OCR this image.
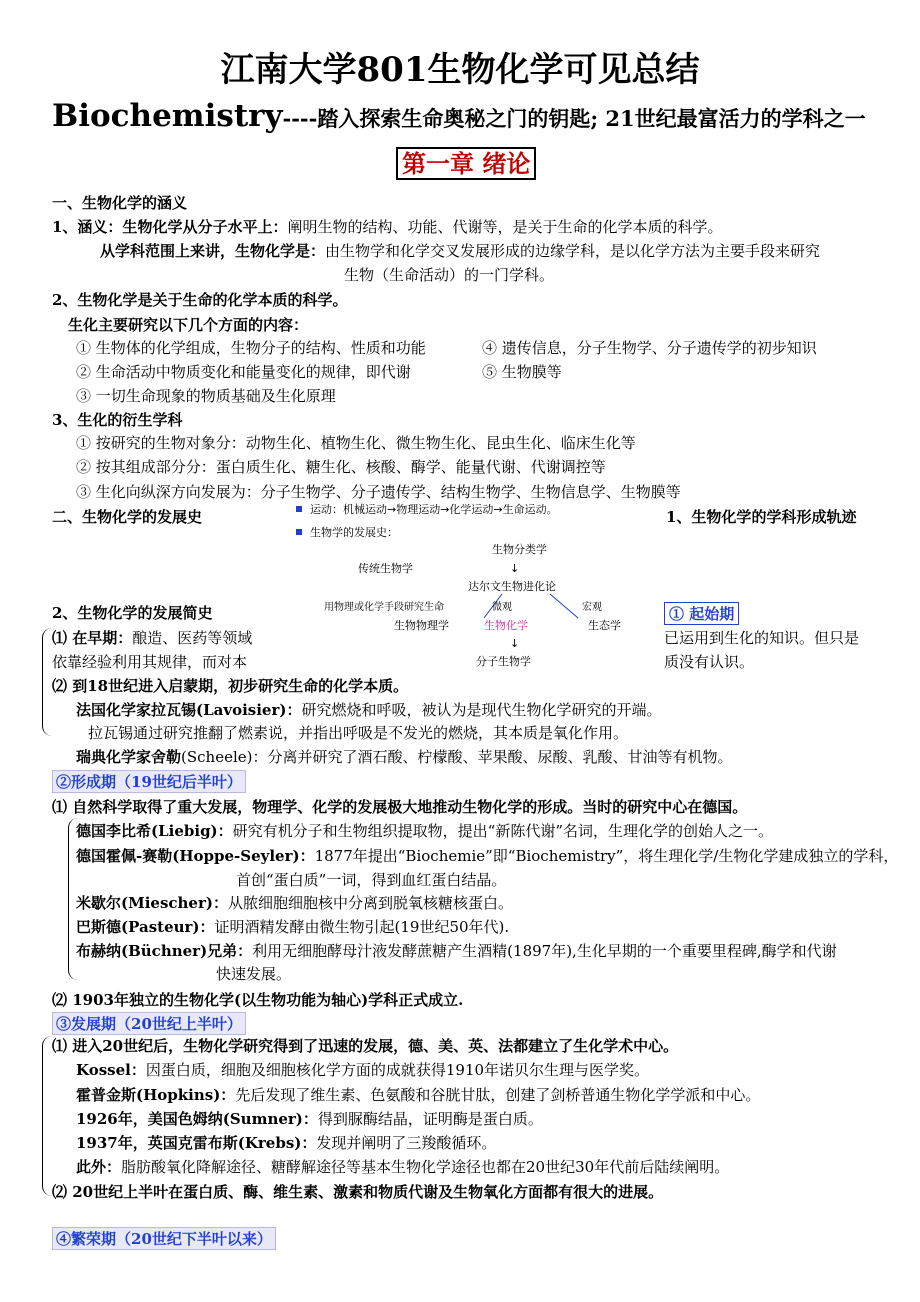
江南大学801生物化学可见总结
Biochemistry----踏入探索生命奥秘之门的钥匙; 21世纪最富活力的学科之一
第一章 绪论
一、生物化学的涵义
1、涵义：生物化学从分子水平上：阐明生物的结构、功能、代谢等，是关于生命的化学本质的科学。
从学科范围上来讲，生物化学是：由生物学和化学交叉发展形成的边缘学科，是以化学方法为主要手段来研究
生物（生命活动）的一门学科。
2、生物化学是关于生命的化学本质的科学。
生化主要研究以下几个方面的内容：
① 生物体的化学组成，生物分子的结构、性质和功能
② 生命活动中物质变化和能量变化的规律，即代谢
③ 一切生命现象的物质基础及生化原理
④ 遗传信息，分子生物学、分子遗传学的初步知识
⑤ 生物膜等
3、生化的衍生学科
① 按研究的生物对象分：动物生化、植物生化、微生物生化、昆虫生化、临床生化等
② 按其组成部分分：蛋白质生化、糖生化、核酸、酶学、能量代谢、代谢调控等
③ 生化向纵深方向发展为：分子生物学、分子遗传学、结构生物学、生物信息学、生物膜等
二、生物化学的发展史	1、生物化学的学科形成轨迹
运动：机械运动→物理运动→化学运动→生命运动。
生物学的发展史：
生物分类学
传统生物学	↓
达尔文生物进化论
用物理或化学手段研究生命	微观	宏观
生物物理学	生物化学	生态学
↓
分子生物学
2、生物化学的发展简史	① 起始期
已运用到生化的知识。但只是
质没有认识。
⑴ 在早期：酿造、医药等领域
依靠经验利用其规律，而对本
⑵ 到18世纪进入启蒙期，初步研究生命的化学本质。
法国化学家拉瓦锡(Lavoisier)：研究燃烧和呼吸，被认为是现代生物化学研究的开端。
拉瓦锡通过研究推翻了燃素说，并指出呼吸是不发光的燃烧，其本质是氧化作用。
瑞典化学家舍勒(Scheele)：分离并研究了酒石酸、柠檬酸、苹果酸、尿酸、乳酸、甘油等有机物。
②形成期（19世纪后半叶）
⑴ 自然科学取得了重大发展，物理学、化学的发展极大地推动生物化学的形成。当时的研究中心在德国。
德国李比希(Liebig)：研究有机分子和生物组织提取物，提出“新陈代谢”名词，生理化学的创始人之一。
德国霍佩-赛勒(Hoppe-Seyler)：1877年提出“Biochemie”即“Biochemistry”，将生理化学/生物化学建成独立的学科，
首创“蛋白质”一词，得到血红蛋白结晶。
米歇尔(Miescher)：从脓细胞细胞核中分离到脱氧核糖核蛋白。
巴斯德(Pasteur)：证明酒精发酵由微生物引起(19世纪50年代).
布赫纳(Büchner)兄弟：利用无细胞酵母汁液发酵蔗糖产生酒精(1897年),生化早期的一个重要里程碑,酶学和代谢
快速发展。
⑵ 1903年独立的生物化学(以生物功能为轴心)学科正式成立.
③发展期（20世纪上半叶）
⑴ 进入20世纪后，生物化学研究得到了迅速的发展，德、美、英、法都建立了生化学术中心。
Kossel：因蛋白质，细胞及细胞核化学方面的成就获得1910年诺贝尔生理与医学奖。
霍普金斯(Hopkins)：先后发现了维生素、色氨酸和谷胱甘肽，创建了剑桥普通生物化学学派和中心。
1926年，美国色姆纳(Sumner)：得到脲酶结晶，证明酶是蛋白质。
1937年，英国克雷布斯(Krebs)：发现并阐明了三羧酸循环。
此外：脂肪酸氧化降解途径、糖酵解途径等基本生物化学途径也都在20世纪30年代前后陆续阐明。
⑵ 20世纪上半叶在蛋白质、酶、维生素、激素和物质代谢及生物氧化方面都有很大的进展。
④繁荣期（20世纪下半叶以来）
